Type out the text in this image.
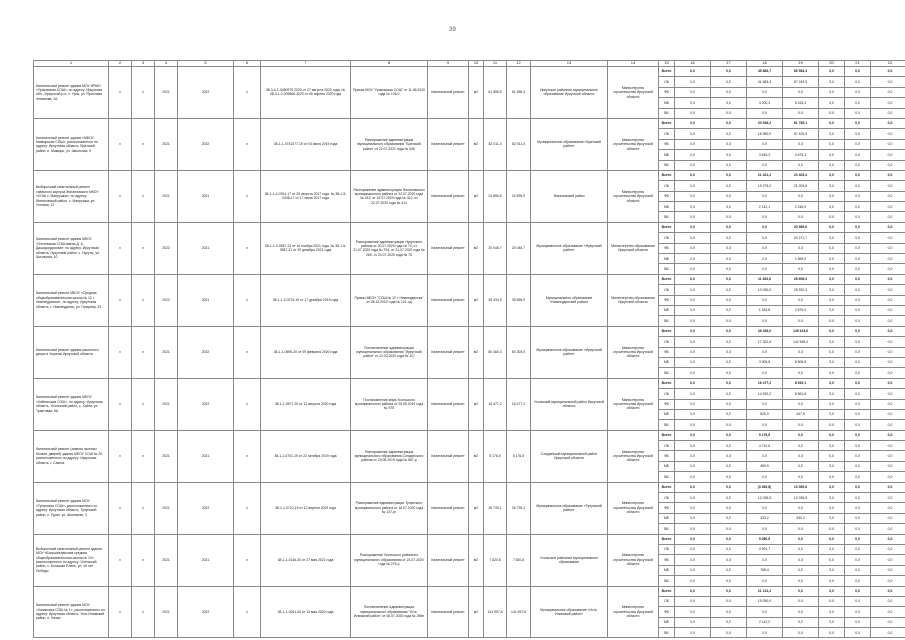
39
1	2	3	4	5	6	7	8	9	10	11	12	13	14	15	16	17	18	19	20	21	22
Капитальный ремонт здания МОУ ИРМО «Уриковская СОШ», по адресу: Иркутская обл., Иркутский р-н, с. Урик, ул. Ярослава Чемякова, 2А	х	х	2021	2022	х	38-3-4-2-0450979-2020 от 27 августа 2020 года, № 38-3-1-2-009666-2020 от 05 апреля 2020 года	Приказ МОУ "Уриковская СОШ" от 11.06.2020 года № 109-0	Капитальный ремонт	м2	61 598,5	61 596,3	Иркутское районное муниципальное образование Иркутской области	Министерство строительства Иркутской области	Всего	0,0	0,0	45 883,7	66 584,3	0,0	0,0	0,0
														ОБ	0,0	0,0	41 683,4	57 243,3	0,0	0,0	0,0
														ФБ	0,0	0,0	0,0	0,0	0,0	0,0	0,0
														МБ	0,0	0,0	4 200,3	5 163,4	0,0	0,0	0,0
														ВБ	0,0	0,0	0,0	0,0	0,0	0,0	0,0
Капитальный ремонт здания «МБОУ Мамырская СОШ», расположенного по адресу: Иркутская область, Братский район, п. Мамырь, ул. Школьная, 5	х	х	2021	2022	х	38-1-1-0741077-19 от 04 июля 2019 года	Распоряжение администрации муниципального образования "Братский район" от 22.07.2021 года № 636	Капитальный ремонт	м2	82 011,3	82 011,3	Муниципальное образование «Братский район»	Министерство строительства Иркутской области	Всего	0,0	0,0	20 536,2	61 785,1	0,0	0,0	0,0
														ОБ	0,0	0,0	16 990,9	57 429,5	0,0	0,0	0,0
														ФБ	0,0	0,0	0,0	0,0	0,0	0,0	0,0
														МБ	0,0	0,0	3 545,3	4 675,3	0,0	0,0	0,0
														ВБ	0,0	0,0	0,0	0,0	0,0	0,0	0,0
Выборочный капитальный ремонт спального корпуса Жигаловского МКОУ «СОШ с. Манрушка», по адресу: Жигаловский район, с. Манрушка, ул. Угловая, 12	х	х	2021	2021	х	38-1-1-4-0764-17 от 29 августа 2017 года, № 38-1-5-0336-17 от 17 июля 2017 года	Распоряжение администрации Жигаловского муниципального района от 22.07.2020 года № 413, от 22.07.2020 года № 412, от 22.07.2020 года № 414	Капитальный ремонт	м2	24 696,6	24 596,9	Жигаловский район	Министерство строительства Иркутской области	Всего	0,0	0,0	21 421,2	23 403,4	0,0	0,0	0,0
														ОБ	0,0	0,0	19 279,0	21 203,8	0,0	0,0	0,0
														ФБ	0,0	0,0	0,0	0,0	0,0	0,0	0,0
														МБ	0,0	0,0	2 142,1	2 246,5	0,0	0,0	0,0
														ВБ	0,0	0,0	0,0	0,0	0,0	0,0	0,0
Капитальный ремонт здания МБОУ «Хогоевская СОШ имени Д. А. Дашидондокова», по адресу: Иркутская область, Нукутский район, с. Нукуты, ул. Школьная, 10	х	х	2022	2021	х	38-1-1-3-0557-21 от 16 ноября 2021 года, № 38-1-5-0557-21 от 29 декабря 2021 года	Распоряжение администрации Нукутского района от 20.07.2020 года № 70, от 21.07.2020 года № 704, от 21.07.2020 года № 269, от 20.07.2020 года № 75	Капитальный ремонт	м2	20 046,7	20 046,7	Муниципальное образование «Нукутский район»	Министерство образования Иркутской области	Всего	0,0	0,0	0,0	20 989,6	0,0	0,0	0,0
														ОБ	0,0	0,0	0,0	20 271,7	0,0	0,0	0,0
														ФБ	0,0	0,0	0,0	0,0	0,0	0,0	0,0
														МБ	0,0	0,0	0,0	1 569,0	0,0	0,0	0,0
														ВБ	0,0	0,0	0,0	0,0	0,0	0,0	0,0
Капитальный ремонт МБОУ «Средняя общеобразовательная школа № 12 г. Нижнеудинска», по адресу: Иркутская область, г. Нижнеудинск, ул. Гагарина, 23	х	х	2022	2021	х	38-1-1-3-0276-19 от 17 декабря 2019 года	Приказ МБОУ "СОШ № 12 г. Нижнеудинска" от 28.12.2019 года № 121-од	Капитальный ремонт	м2	39 434,9	39 556,9	Муниципальное образование «Нижнеудинский район»	Министерство образования Иркутской области	Всего	0,0	0,0	11 363,8	28 608,3	0,0	0,0	0,0
														ОБ	0,0	0,0	10 030,0	25 932,3	0,0	0,0	0,0
														ФБ	0,0	0,0	0,0	0,0	0,0	0,0	0,0
														МБ	0,0	0,0	1 333,8	2 676,0	0,0	0,0	0,0
														ВБ	0,0	0,0	0,0	0,0	0,0	0,0	0,0
Капитальный ремонт здания школьного двора в Хоринск Иркутской области	х	х	2021	2022	х	38-1-1-0596-20 от 09 февраля 2020 года	Постановление администрации муниципального образования "Иркутский район" от 12.03.2020 года № 117	Капитальный ремонт	м2	80 460,3	80 303,0	Муниципальное образование «Иркутский район»	Министерство строительства Иркутской области	Всего	0,0	0,0	28 336,0	149 424,6	0,0	0,0	0,0
														ОБ	0,0	0,0	17 322,6	142 365,4	0,0	0,0	0,0
														ФБ	0,0	0,0	0,0	0,0	0,0	0,0	0,0
														МБ	0,0	0,0	3 306,8	8 906,8	0,0	0,0	0,0
														ВБ	0,0	0,0	0,0	0,0	0,0	0,0	0,0
Капитальный ремонт здания МБОУ «Хайтинская СОШ», по адресу: Иркутская область, Усольский район, с. Хайта, ул. Трактовая, 6А	х	х	2021	2022	х	38-1-1-0677-20 от 12 августа 2020 года	Постановление мэра Усольского муниципального района от 25.05.2019 года № 975	Капитальный ремонт	м2	16 477,2	16 477,2	Усольский муниципальный район Иркутской области	Министерство строительства Иркутской области	Всего	0,0	0,0	16 477,2	8 949,1	0,0	0,0	0,0
														ОБ	0,0	0,0	14 932,2	8 961,8	0,0	0,0	0,0
														ФБ	0,0	0,0	0,0	0,0	0,0	0,0	0,0
														МБ	0,0	0,0	825,0	447,5	0,0	0,0	0,0
														ВБ	0,0	0,0	0,0	0,0	0,0	0,0	0,0
Капитальный ремонт (замена оконных блоков, дверей) здания МБОУ СОШ № 20, расположенного по адресу: Иркутская область, г. Саянск	х	х	2021	2021	х	38-1-1-0701-19 от 22 октября 2019 года	Распоряжение администрации муниципального образования Слюдянского района от 23.08.2019 года № 687-р	Капитальный ремонт	м2	5 176,5	5 176,5	Слюдянский муниципальный район Иркутской области	Министерство строительства Иркутской области	Всего	0,0	0,0	5 176,5	0,0	0,0	0,0	0,0
														ОБ	0,0	0,0	4 710,6	0,0	0,0	0,0	0,0
														ФБ	0,0	0,0	0,0	0,0	0,0	0,0	0,0
														МБ	0,0	0,0	465,9	0,0	0,0	0,0	0,0
														ВБ	0,0	0,0	0,0	0,0	0,0	0,0	0,0
Капитальный ремонт здания МОУ «Тулунская СОШ», расположенного по адресу: Иркутская область, Тулунский район, с. Гуран, ул. Школьная, 3	х	х	2021	2022	х	38-1-1-0710-19 от 12 апреля 2019 года	Распоряжение администрации Тулунского муниципального района от 16.07.2020 года № 137-рг	Капитальный ремонт	м2	26 739,1	26 739,1	Муниципальное образование «Тулунский район»	Министерство строительства Иркутской области	Всего	0,0	0,0	(3 369,8)	13 369,8	0,0	0,0	0,0
														ОБ	0,0	0,0	12 035,5	12 035,5	0,0	0,0	0,0
														ФБ	0,0	0,0	0,0	0,0	0,0	0,0	0,0
														МБ	0,0	0,0	333,2	333,2	0,0	0,0	0,0
														ВБ	0,0	0,0	0,0	0,0	0,0	0,0	0,0
Выборочный капитальный ремонт здания МОУ «Большееланская средняя общеобразовательная школа № 13», расположенного по адресу: Усольский район, с. Большая Елань, ул. 40 лет Победы	х	х	2021	2021	х	38-1-1-0146-20 от 27 мая 2021 года	Распоряжение Усольского районного муниципального образования от 23.07.2020 года № 275-р	Капитальный ремонт	м2	7 620,8	7 620,8	Усольское районное муниципальное образование	Министерство строительства Иркутской области	Всего	0,0	0,0	5 080,5	0,0	0,0	0,0	0,0
														ОБ	0,0	0,0	4 991,7	0,0	0,0	0,0	0,0
														ФБ	0,0	0,0	0,0	0,0	0,0	0,0	0,0
														МБ	0,0	0,0	768,4	0,0	0,0	0,0	0,0
														ВБ	0,0	0,0	0,0	0,0	0,0	0,0	0,0
Капитальный ремонт здания МОУ «Хазанская СОШ № 1», расположенного по адресу: Иркутская область, Усть-Илимский район, п. Хазан	х	х	2021	2022	х	38-1-1-0261-20 от 13 мая 2020 года	Постановление Администрации муниципального образования "Усть-Илимский район" от 08.07.2020 года № 296п	Капитальный ремонт	м2	141 997,6	141 997,6	Муниципальное образование «Усть-Илимский район»	Министерство строительства Иркутской области	Всего	0,0	0,0	21 131,2	0,0	0,0	0,0	0,0
														ОБ	0,0	0,0	19 090,0	0,0	0,0	0,0	0,0
														ФБ	0,0	0,0	0,0	0,0	0,0	0,0	0,0
														МБ	0,0	0,0	2 112,2	0,0	0,0	0,0	0,0
														ВБ	0,0	0,0	0,0	0,0	0,0	0,0	0,0
